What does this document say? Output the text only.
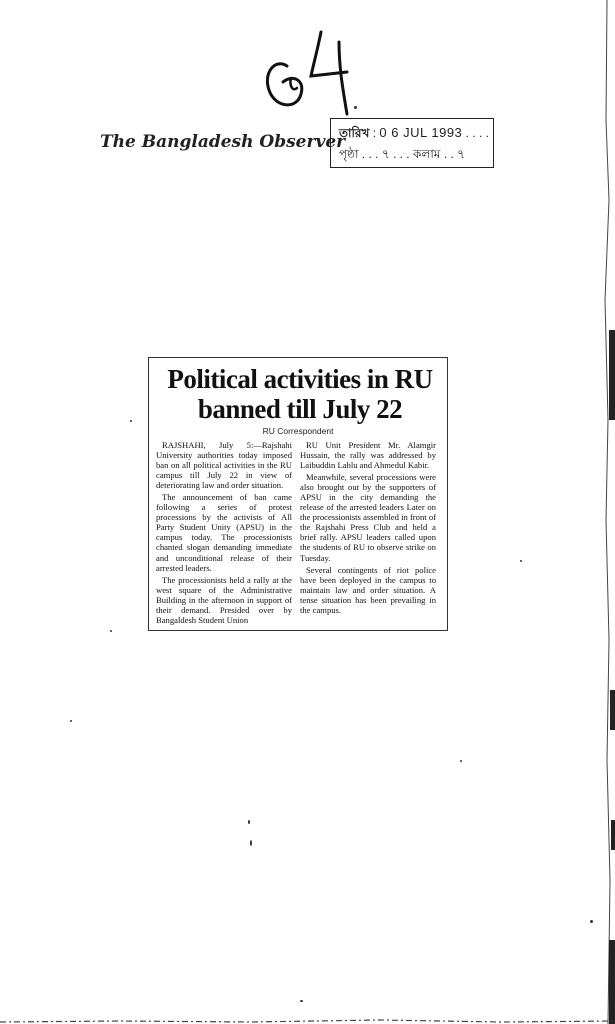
The Bangladesh Observer
তারিখ : 0 6 JUL 1993 . . . .
পৃষ্ঠা . . . ৭ . . . কলাম . . ৭
Political activities in RU banned till July 22
RU Correspondent

RAJSHAHI, July 5:—Rajshahi University authorities today imposed ban on all political activities in the RU campus till July 22 in view of deteriorating law and order situation.

The announcement of ban came following a series of protest processions by the activists of All Party Student Unity (APSU) in the campus today. The processionists chanted slogan demanding immediate and unconditional release of their arrested leaders.

The processionists held a rally at the west square of the Administrative Building in the afternoon in support of their demand. Presided over by Bangaldesh Student Union

RU Unit President Mr. Alamgir Hussain, the rally was addressed by Laibuddin Lablu and Ahmedul Kabir.

Meanwhile, several processions were also brought out by the supporters of APSU in the city demanding the release of the arrested leaders Later on the processionists assembled in front of the Rajshahi Press Club and held a brief rally. APSU leaders called upon the students of RU to observe strike on Tuesday.

Several contingents of riot police have been deployed in the campus to maintain law and order situation. A tense situation has been prevailing in the campus.
